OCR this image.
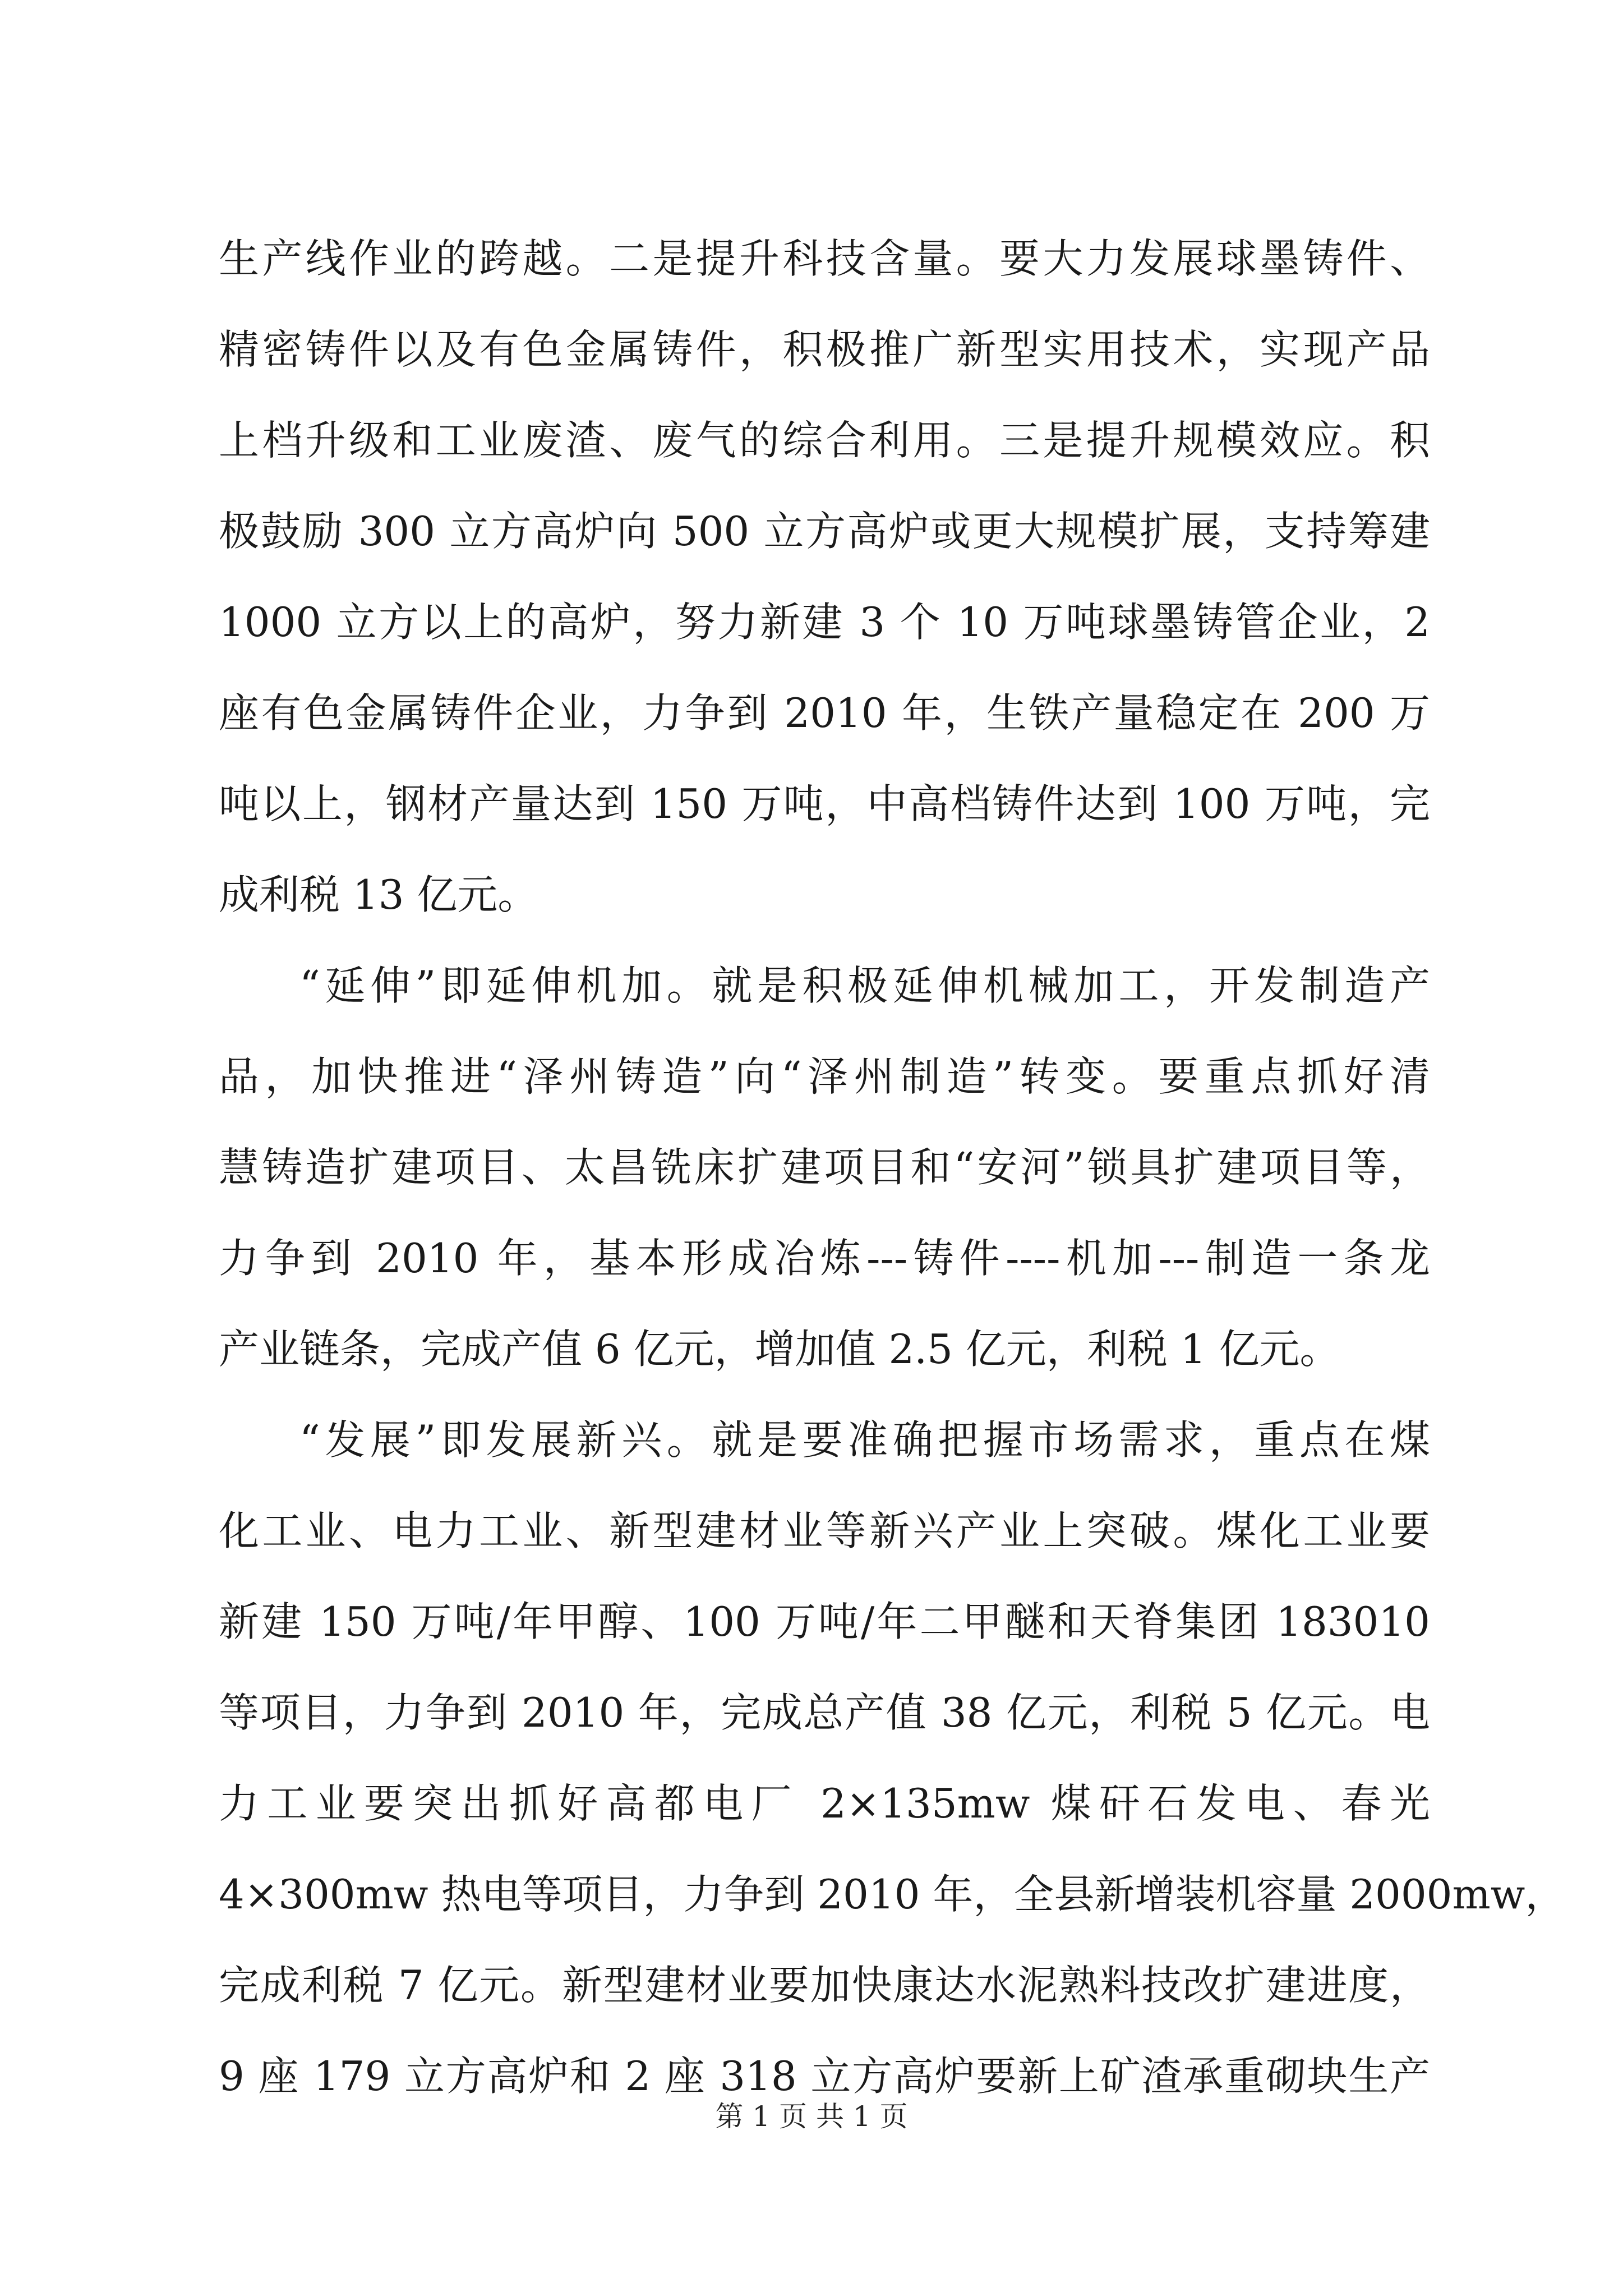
生产线作业的跨越。二是提升科技含量。要大力发展球墨铸件、
精密铸件以及有色金属铸件，积极推广新型实用技术，实现产品
上档升级和工业废渣、废气的综合利用。三是提升规模效应。积
极鼓励 300 立方高炉向 500 立方高炉或更大规模扩展，支持筹建
1000 立方以上的高炉，努力新建 3 个 10 万吨球墨铸管企业，2
座有色金属铸件企业，力争到 2010 年，生铁产量稳定在 200 万
吨以上，钢材产量达到 150 万吨，中高档铸件达到 100 万吨，完
成利税 13 亿元。
“延伸”即延伸机加。就是积极延伸机械加工，开发制造产
品，加快推进“泽州铸造”向“泽州制造”转变。要重点抓好清
慧铸造扩建项目、太昌铣床扩建项目和“安河”锁具扩建项目等，
力争到 2010 年，基本形成冶炼---铸件----机加---制造一条龙
产业链条，完成产值 6 亿元，增加值 2.5 亿元，利税 1 亿元。
“发展”即发展新兴。就是要准确把握市场需求，重点在煤
化工业、电力工业、新型建材业等新兴产业上突破。煤化工业要
新建 150 万吨/年甲醇、100 万吨/年二甲醚和天脊集团 183010
等项目，力争到 2010 年，完成总产值 38 亿元，利税 5 亿元。电
力工业要突出抓好高都电厂 2×135mw 煤矸石发电、春光
4×300mw 热电等项目，力争到 2010 年，全县新增装机容量 2000mw，
完成利税 7 亿元。新型建材业要加快康达水泥熟料技改扩建进度，
9 座 179 立方高炉和 2 座 318 立方高炉要新上矿渣承重砌块生产
第 1 页 共 1 页
